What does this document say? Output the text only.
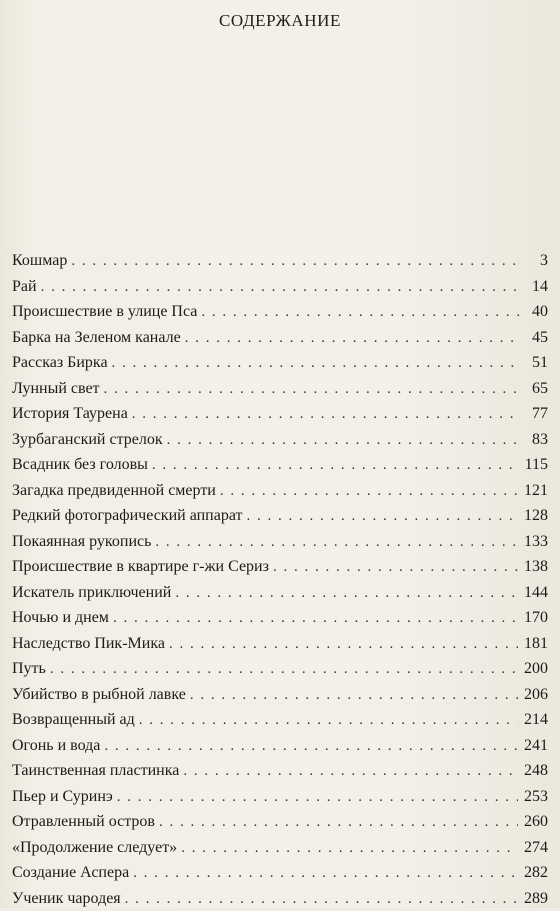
СОДЕРЖАНИЕ
Кошмар . . .	3
Рай . . .	14
Происшествие в улице Пса . . .	40
Барка на Зеленом канале . . .	45
Рассказ Бирка . . .	51
Лунный свет . . .	65
История Таурена . . .	77
Зурбаганский стрелок . . .	83
Всадник без головы . . .	115
Загадка предвиденной смерти . . .	121
Редкий фотографический аппарат . . .	128
Покаянная рукопись . . .	133
Происшествие в квартире г-жи Сериз . . .	138
Искатель приключений . . .	144
Ночью и днем . . .	170
Наследство Пик-Мика . . .	181
Путь . . .	200
Убийство в рыбной лавке . . .	206
Возвращенный ад . . .	214
Огонь и вода . . .	241
Таинственная пластинка . . .	248
Пьер и Суринэ . . .	253
Отравленный остров . . .	260
«Продолжение следует» . . .	274
Создание Аспера . . .	282
Ученик чародея . . .	289
